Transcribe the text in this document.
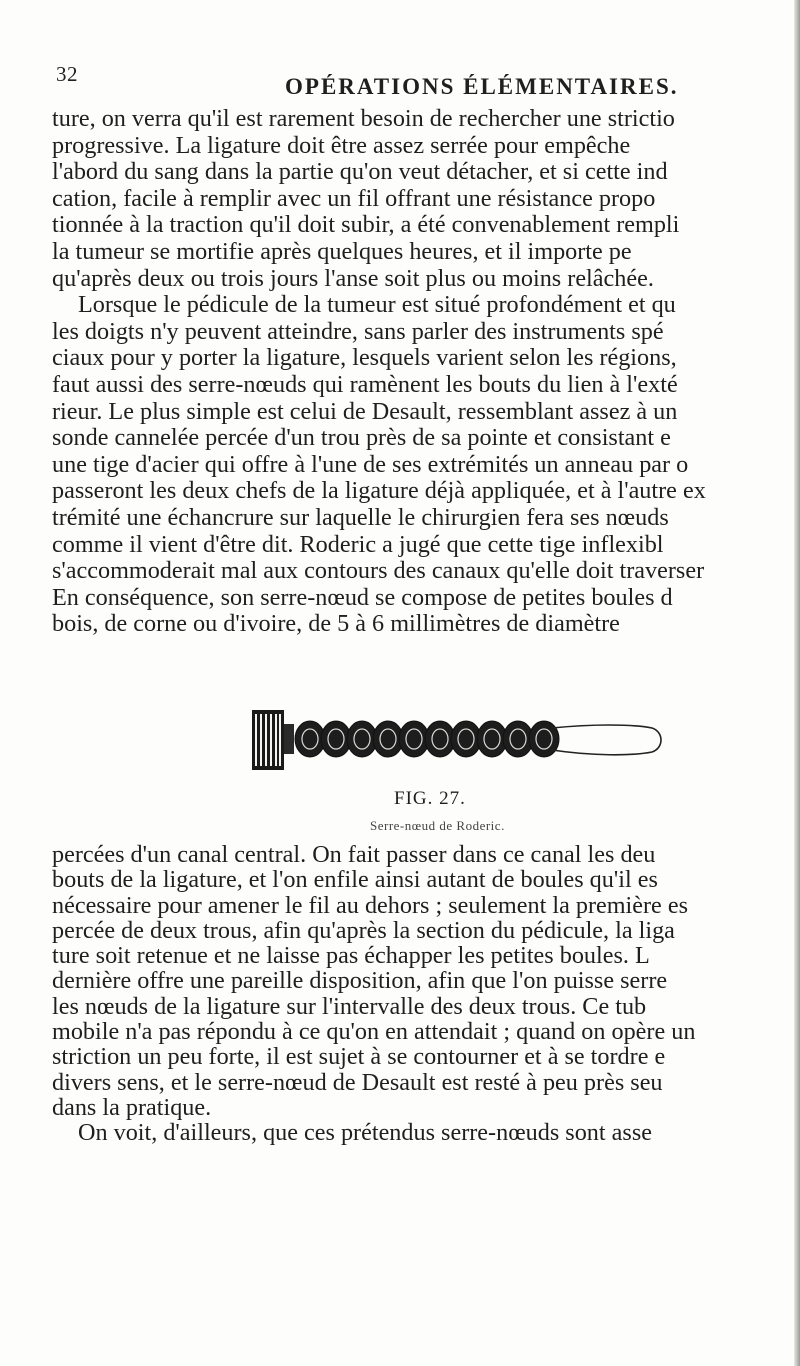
32	OPÉRATIONS ÉLÉMENTAIRES.
ture, on verra qu'il est rarement besoin de rechercher une strictio
progressive. La ligature doit être assez serrée pour empêche
l'abord du sang dans la partie qu'on veut détacher, et si cette ind
cation, facile à remplir avec un fil offrant une résistance propo
tionnée à la traction qu'il doit subir, a été convenablement rempli
la tumeur se mortifie après quelques heures, et il importe pe
qu'après deux ou trois jours l'anse soit plus ou moins relâchée.
Lorsque le pédicule de la tumeur est situé profondément et qu
les doigts n'y peuvent atteindre, sans parler des instruments spé
ciaux pour y porter la ligature, lesquels varient selon les régions,
faut aussi des serre-nœuds qui ramènent les bouts du lien à l'exté
rieur. Le plus simple est celui de Desault, ressemblant assez à un
sonde cannelée percée d'un trou près de sa pointe et consistant e
une tige d'acier qui offre à l'une de ses extrémités un anneau par o
passeront les deux chefs de la ligature déjà appliquée, et à l'autre ex
trémité une échancrure sur laquelle le chirurgien fera ses nœuds
comme il vient d'être dit. Roderic a jugé que cette tige inflexibl
s'accommoderait mal aux contours des canaux qu'elle doit traverser
En conséquence, son serre-nœud se compose de petites boules d
bois, de corne ou d'ivoire, de 5 à 6 millimètres de diamètre
FIG. 27.
Serre-nœud de Roderic.
percées d'un canal central. On fait passer dans ce canal les deu
bouts de la ligature, et l'on enfile ainsi autant de boules qu'il es
nécessaire pour amener le fil au dehors ; seulement la première es
percée de deux trous, afin qu'après la section du pédicule, la liga
ture soit retenue et ne laisse pas échapper les petites boules. L
dernière offre une pareille disposition, afin que l'on puisse serre
les nœuds de la ligature sur l'intervalle des deux trous. Ce tub
mobile n'a pas répondu à ce qu'on en attendait ; quand on opère un
striction un peu forte, il est sujet à se contourner et à se tordre e
divers sens, et le serre-nœud de Desault est resté à peu près seu
dans la pratique.
On voit, d'ailleurs, que ces prétendus serre-nœuds sont asse
